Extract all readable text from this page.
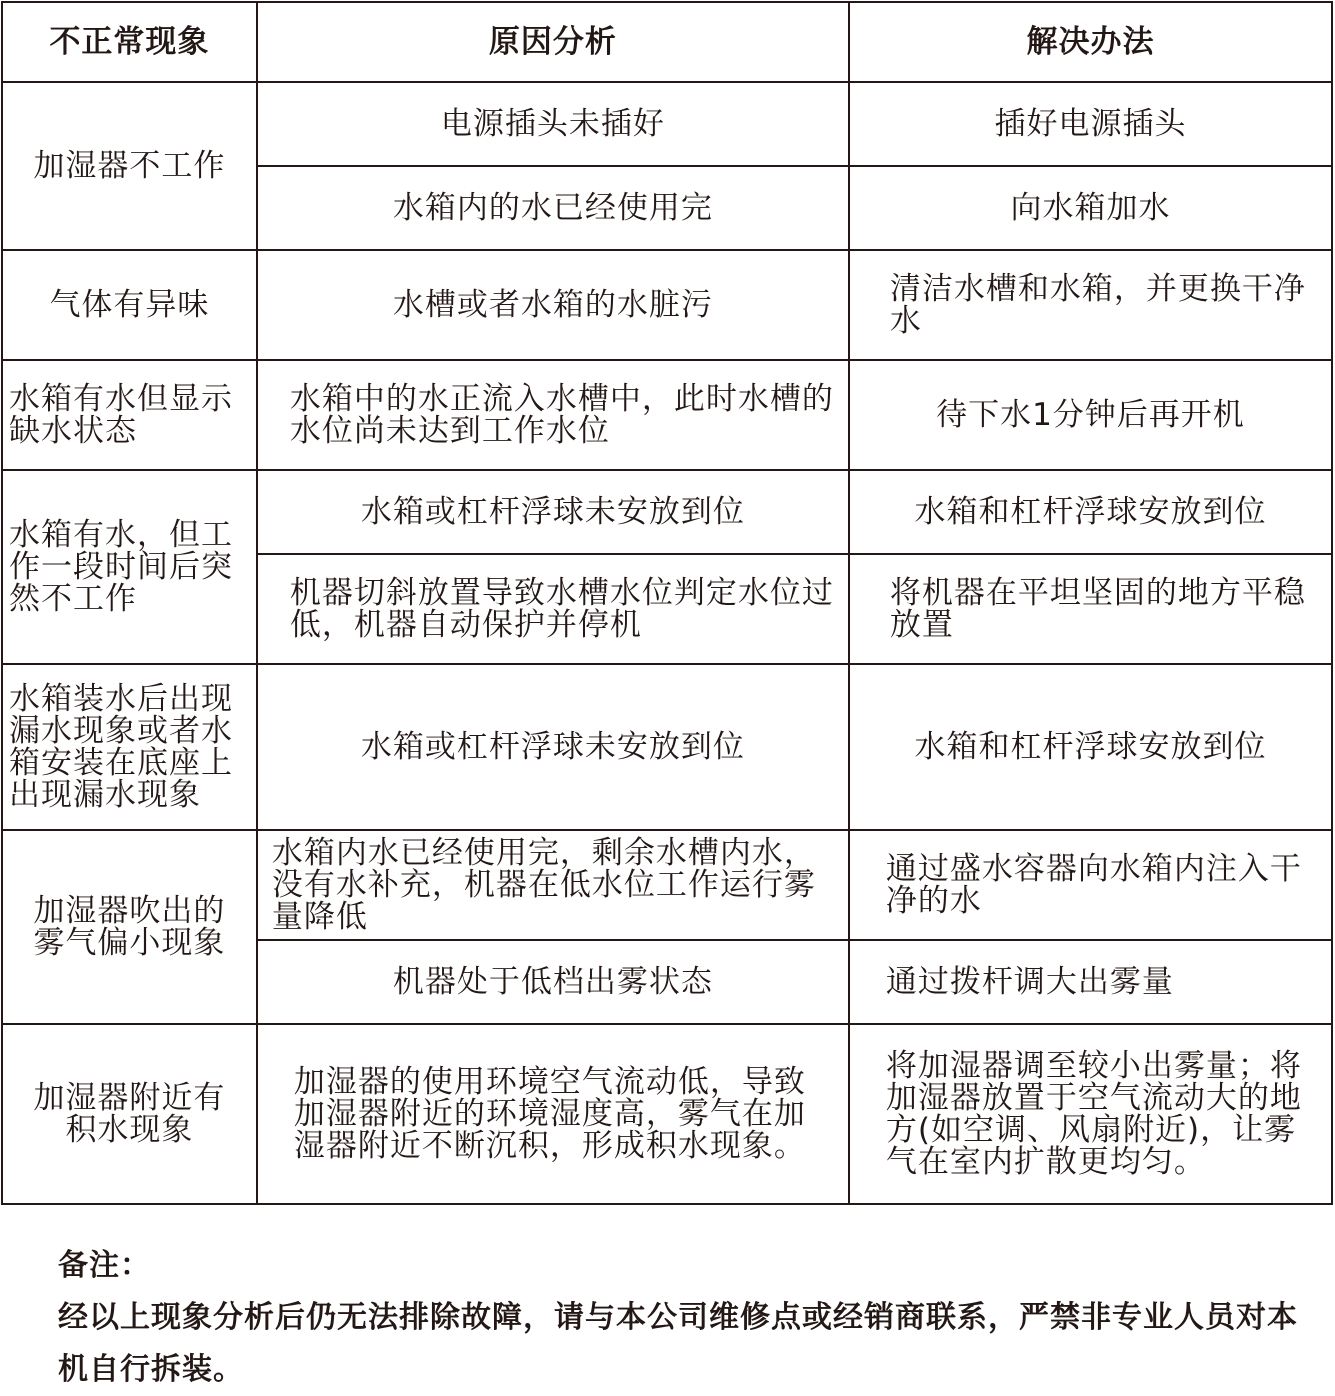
不正常现象	原因分析	解决办法
加湿器不工作	电源插头未插好	插好电源插头
	水箱内的水已经使用完	向水箱加水
气体有异味	水槽或者水箱的水脏污	清洁水槽和水箱，并更换干净水
水箱有水但显示缺水状态	水箱中的水正流入水槽中，此时水槽的水位尚未达到工作水位	待下水1分钟后再开机
水箱有水，但工作一段时间后突然不工作	水箱或杠杆浮球未安放到位	水箱和杠杆浮球安放到位
	机器切斜放置导致水槽水位判定水位过低，机器自动保护并停机	将机器在平坦坚固的地方平稳放置
水箱装水后出现漏水现象或者水箱安装在底座上出现漏水现象	水箱或杠杆浮球未安放到位	水箱和杠杆浮球安放到位
加湿器吹出的雾气偏小现象	水箱内水已经使用完，剩余水槽内水，没有水补充，机器在低水位工作运行雾量降低	通过盛水容器向水箱内注入干净的水
	机器处于低档出雾状态	通过拨杆调大出雾量
加湿器附近有积水现象	加湿器的使用环境空气流动低，导致加湿器附近的环境湿度高，雾气在加湿器附近不断沉积，形成积水现象。	将加湿器调至较小出雾量；将加湿器放置于空气流动大的地方(如空调、风扇附近)，让雾气在室内扩散更均匀。

备注：

经以上现象分析后仍无法排除故障，请与本公司维修点或经销商联系，严禁非专业人员对本机自行拆装。
